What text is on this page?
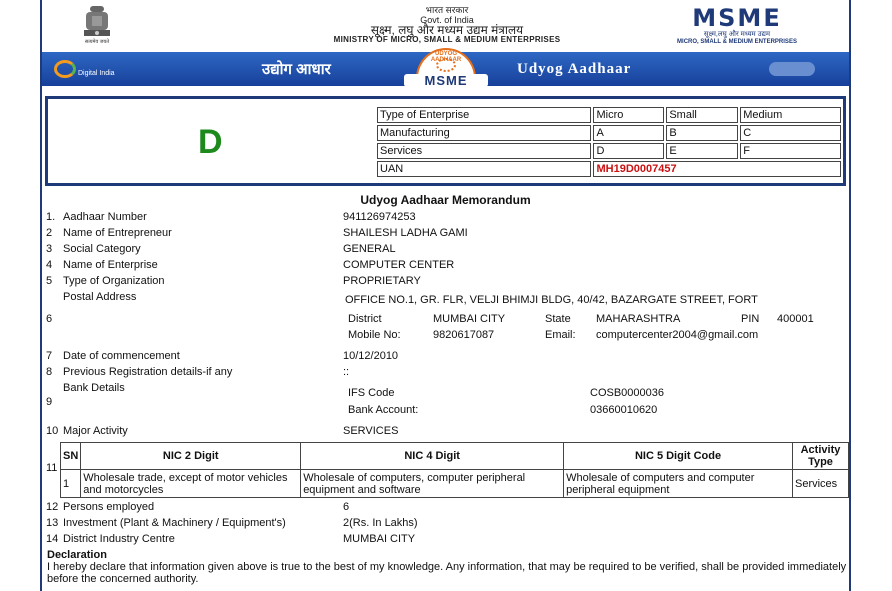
सत्यमेव जयते
भारत सरकार
Govt. of India
सूक्ष्म, लघु और मध्यम उद्यम मंत्रालय
MINISTRY OF MICRO, SMALL & MEDIUM ENTERPRISES
MSME
सूक्ष्म,लघु और मध्यम उद्यम
MICRO, SMALL & MEDIUM ENTERPRISES
Digital India	उद्योग आधार
UDYOG AADHAAR
MSME
Udyog Aadhaar
D
Type of Enterprise	Micro	Small	Medium
Manufacturing	A	B	C
Services	D	E	F
UAN	MH19D0007457		
Udyog Aadhaar Memorandum
1. Aadhaar Number	941126974253
2 Name of Entrepreneur	SHAILESH LADHA GAMI
3 Social Category	GENERAL
4 Name of Enterprise	COMPUTER CENTER
5 Type of Organization	PROPRIETARY
Postal Address
6
OFFICE NO.1, GR. FLR, VELJI BHIMJI BLDG, 40/42, BAZARGATE STREET, FORT
District	MUMBAI CITY	State MAHARASHTRA	PIN 400001
Mobile No:	9820617087	Email: computercenter2004@gmail.com
7 Date of commencement	10/12/2010
8 Previous Registration details-if any	::
Bank Details
9
IFS Code	COSB0000036
Bank Account:	03660010620
10 Major Activity	SERVICES
11
SN	NIC 2 Digit	NIC 4 Digit	NIC 5 Digit Code	Activity Type
1	Wholesale trade, except of motor vehicles and motorcycles	Wholesale of computers, computer peripheral equipment and software	Wholesale of computers and computer peripheral equipment	Services
12 Persons employed	6
13 Investment (Plant & Machinery / Equipment's)	2(Rs. In Lakhs)
14 District Industry Centre	MUMBAI CITY
Declaration
I hereby declare that information given above is true to the best of my knowledge. Any information, that may be required to be verified, shall be provided immediately before the concerned authority.
